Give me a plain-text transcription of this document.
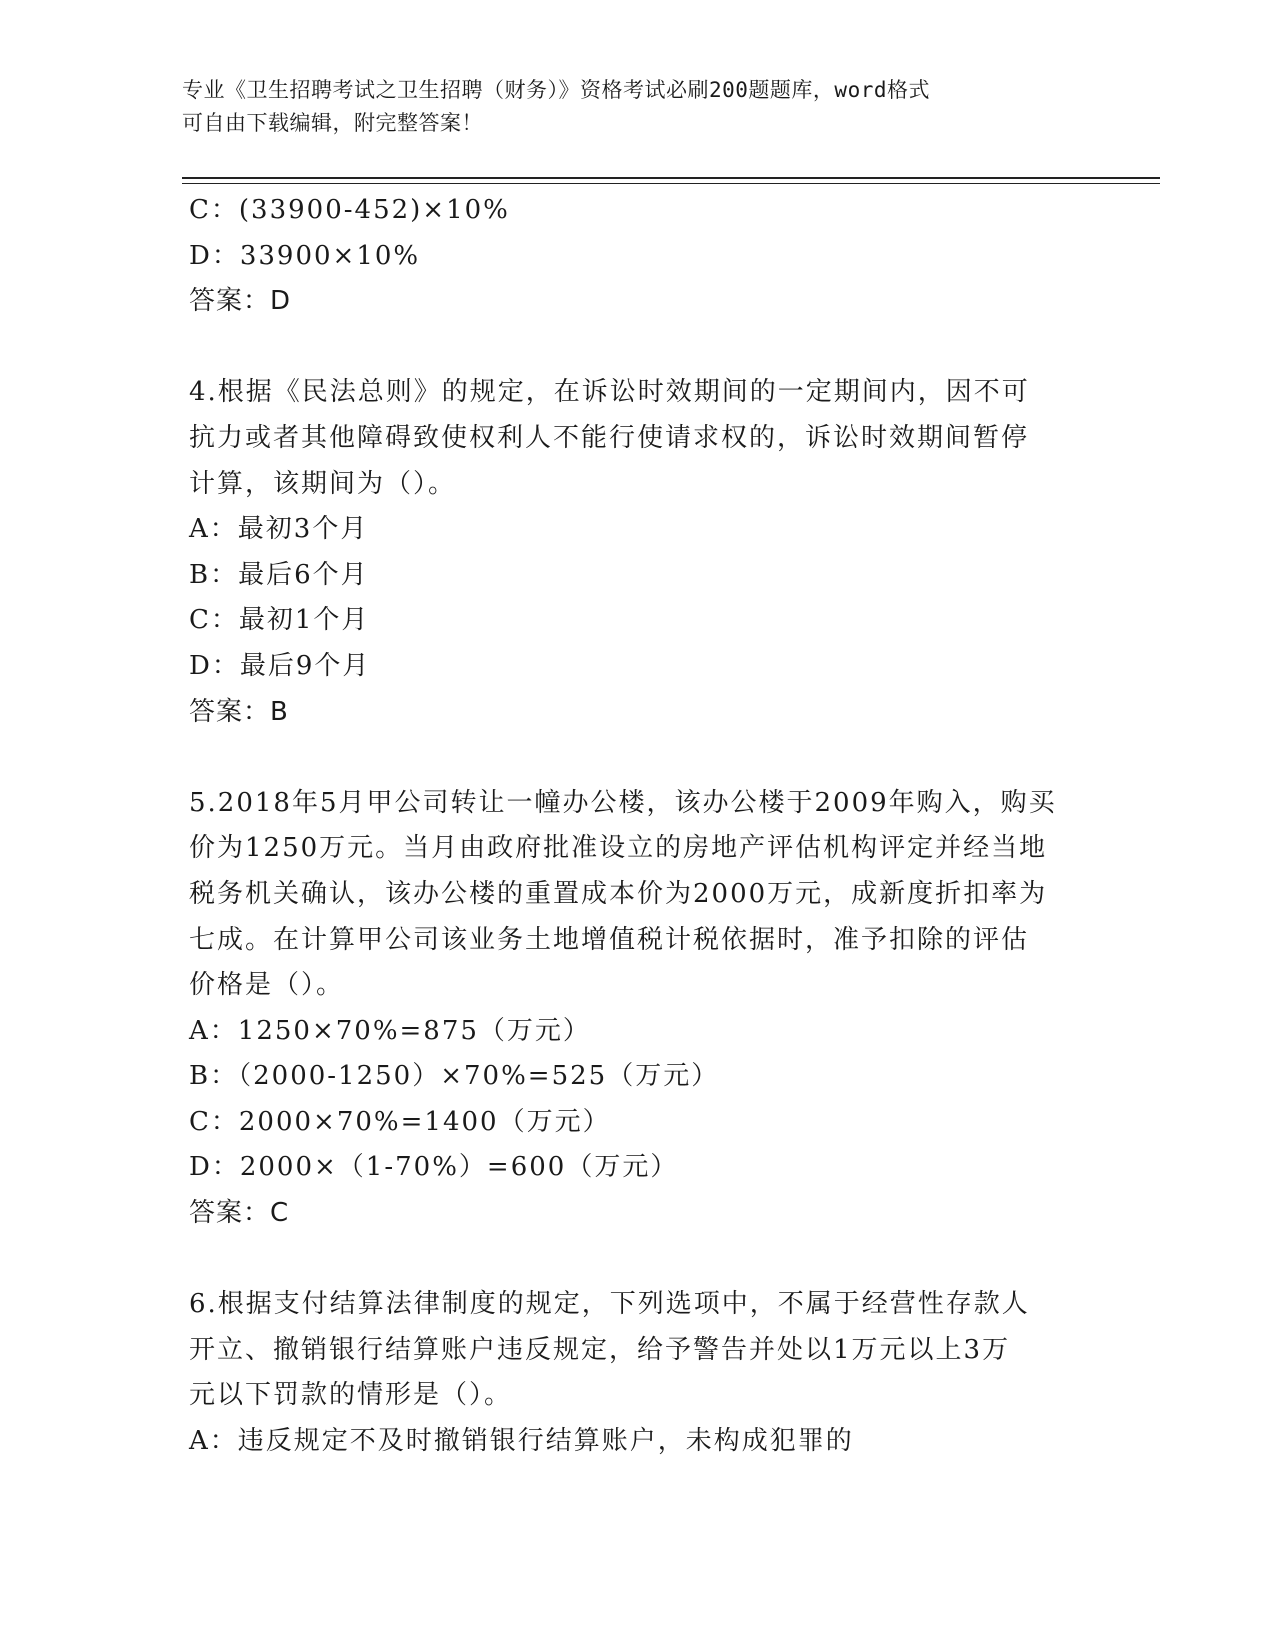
专业《卫生招聘考试之卫生招聘（财务）》资格考试必刷200题题库，word格式
可自由下载编辑，附完整答案！
C：(33900-452)×10%
D：33900×10%
答案：D
4.根据《民法总则》的规定，在诉讼时效期间的一定期间内，因不可
抗力或者其他障碍致使权利人不能行使请求权的，诉讼时效期间暂停
计算，该期间为（）。
A：最初3个月
B：最后6个月
C：最初1个月
D：最后9个月
答案：B
5.2018年5月甲公司转让一幢办公楼，该办公楼于2009年购入，购买
价为1250万元。当月由政府批准设立的房地产评估机构评定并经当地
税务机关确认，该办公楼的重置成本价为2000万元，成新度折扣率为
七成。在计算甲公司该业务土地增值税计税依据时，准予扣除的评估
价格是（）。
A：1250×70%=875（万元）
B：（2000-1250）×70%=525（万元）
C：2000×70%=1400（万元）
D：2000×（1-70%）=600（万元）
答案：C
6.根据支付结算法律制度的规定，下列选项中，不属于经营性存款人
开立、撤销银行结算账户违反规定，给予警告并处以1万元以上3万
元以下罚款的情形是（）。
A：违反规定不及时撤销银行结算账户，未构成犯罪的
